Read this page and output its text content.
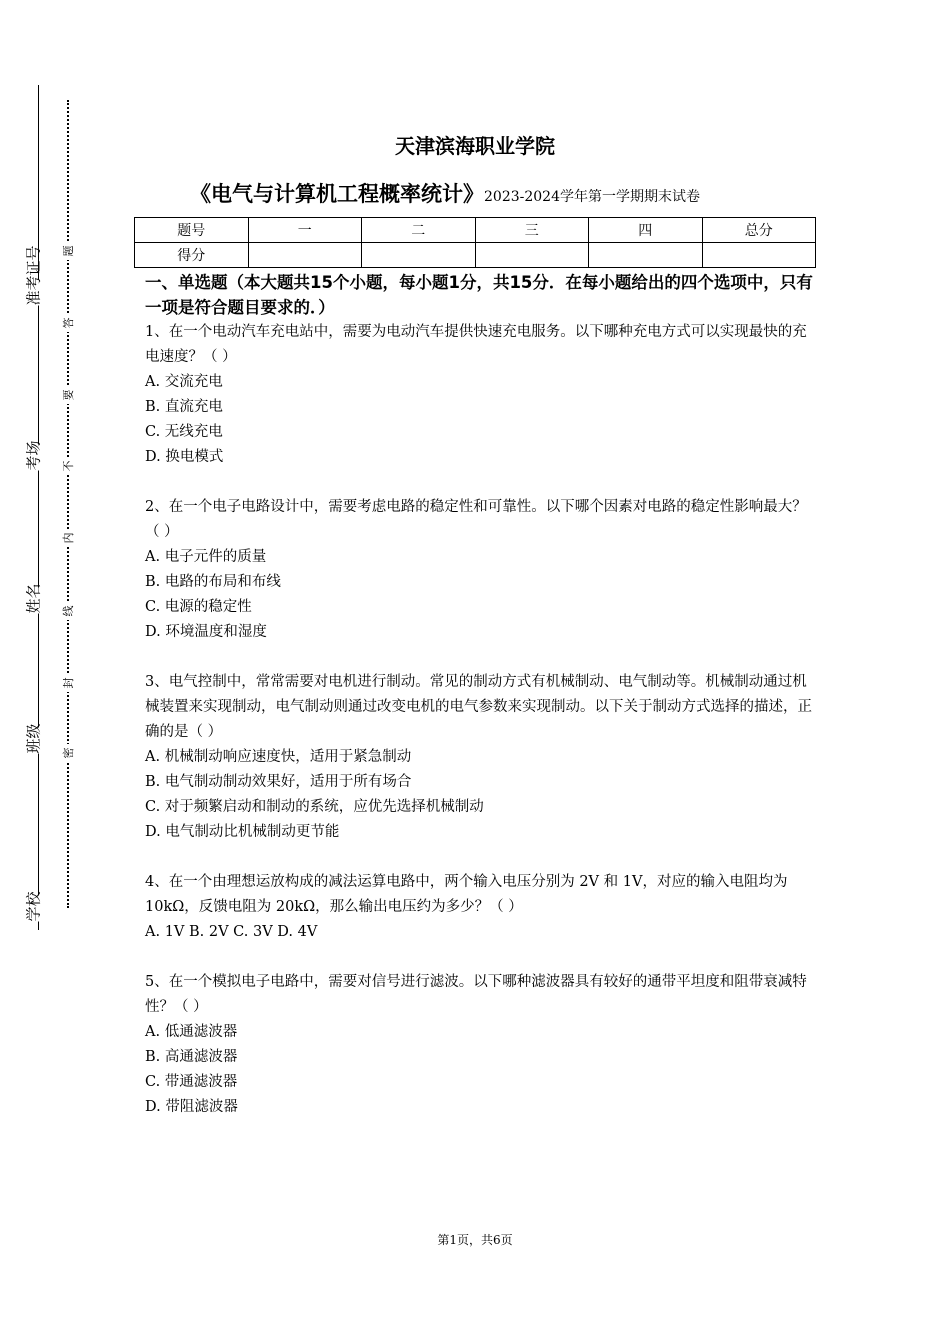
准考证号
考场
姓名
班级
学校
题
答
要
不
内
线
封
密
天津滨海职业学院
《电气与计算机工程概率统计》2023-2024学年第一学期期末试卷
题号	一	二	三	四	总分
得分					
一、单选题（本大题共15个小题，每小题1分，共15分．在每小题给出的四个选项中，只有一项是符合题目要求的．）

1、在一个电动汽车充电站中，需要为电动汽车提供快速充电服务。以下哪种充电方式可以实现最快的充电速度？（ ）

A. 交流充电

B. 直流充电

C. 无线充电

D. 换电模式

2、在一个电子电路设计中，需要考虑电路的稳定性和可靠性。以下哪个因素对电路的稳定性影响最大？（ ）

A. 电子元件的质量

B. 电路的布局和布线

C. 电源的稳定性

D. 环境温度和湿度

3、电气控制中，常常需要对电机进行制动。常见的制动方式有机械制动、电气制动等。机械制动通过机械装置来实现制动，电气制动则通过改变电机的电气参数来实现制动。以下关于制动方式选择的描述，正确的是（ ）

A. 机械制动响应速度快，适用于紧急制动

B. 电气制动制动效果好，适用于所有场合

C. 对于频繁启动和制动的系统，应优先选择机械制动

D. 电气制动比机械制动更节能

4、在一个由理想运放构成的减法运算电路中，两个输入电压分别为 2V 和 1V，对应的输入电阻均为 10kΩ，反馈电阻为 20kΩ，那么输出电压约为多少？（ ）

A. 1V B. 2V C. 3V D. 4V

5、在一个模拟电子电路中，需要对信号进行滤波。以下哪种滤波器具有较好的通带平坦度和阻带衰减特性？（ ）

A. 低通滤波器

B. 高通滤波器

C. 带通滤波器

D. 带阻滤波器

第1页，共6页
